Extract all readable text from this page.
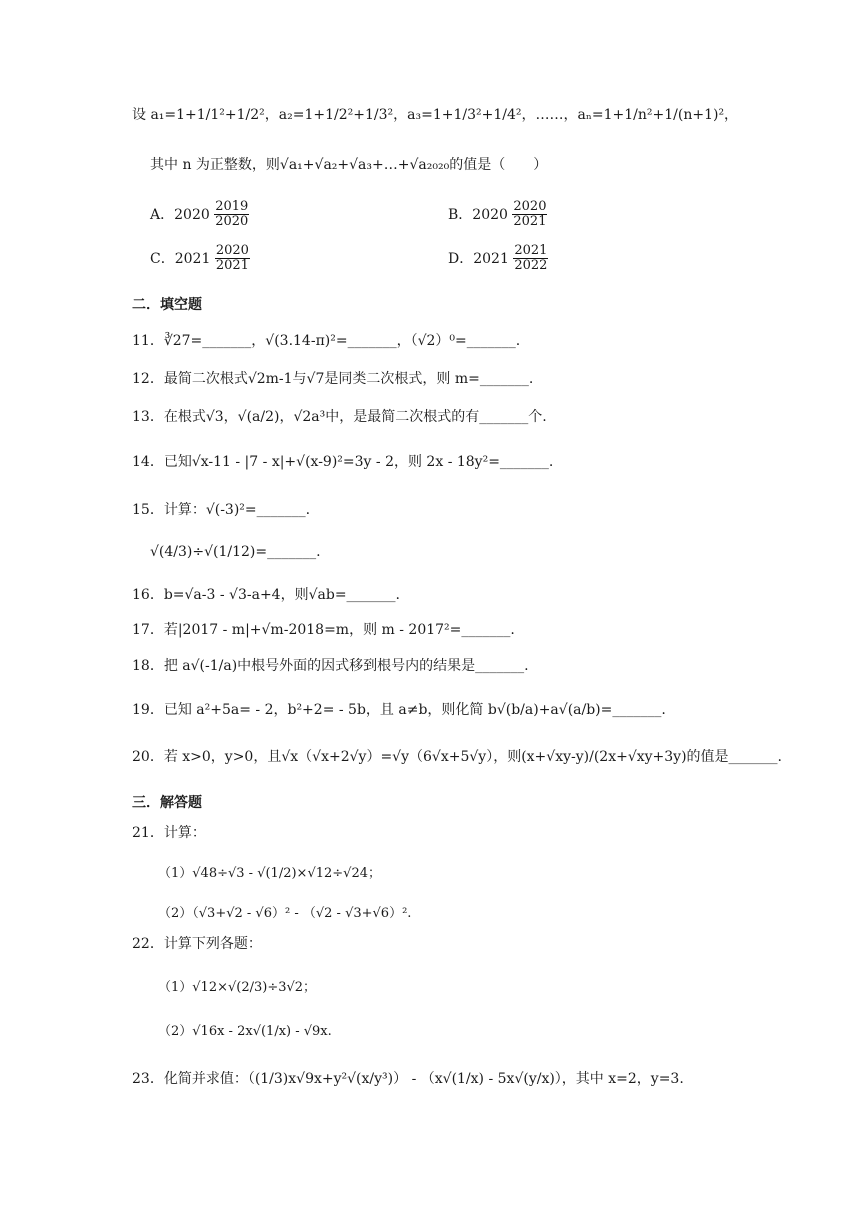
设 a₁=1+1/1²+1/2²，a₂=1+1/2²+1/3²，a₃=1+1/3²+1/4²，……，aₙ=1+1/n²+1/(n+1)²，
其中 n 为正整数，则√a₁+√a₂+√a₃+…+√a₂₀₂₀的值是（　　）
A．$2020 \frac{2019}{2020}$	B．$2020 \frac{2020}{2021}$
C．$2021 \frac{2020}{2021}$	D．$2021 \frac{2021}{2022}$
二．填空题
11．∛27=_______，√(3.14-π)²=_______，（√2）⁰=_______.
12．最简二次根式√2m-1与√7是同类二次根式，则 m=_______.
13．在根式√3，√(a/2)，√2a³中，是最简二次根式的有_______个.
14．已知√x-11 - |7 - x|+√(x-9)²=3y - 2，则 2x - 18y²=_______.
15．计算：√(-3)²=_______.
√(4/3)÷√(1/12)=_______.
16．b=√a-3 - √3-a+4，则√ab=_______.
17．若|2017 - m|+√m-2018=m，则 m - 2017²=_______.
18．把 a√(-1/a)中根号外面的因式移到根号内的结果是_______.
19．已知 a²+5a= - 2，b²+2= - 5b，且 a≠b，则化简 b√(b/a)+a√(a/b)=_______.
20．若 x>0，y>0，且√x（√x+2√y）=√y（6√x+5√y），则(x+√xy-y)/(2x+√xy+3y)的值是_______.
三．解答题
21．计算：
（1）√48÷√3 - √(1/2)×√12÷√24；
（2）（√3+√2 - √6）² - （√2 - √3+√6）².
22．计算下列各题：
（1）√12×√(2/3)÷3√2；
（2）√16x - 2x√(1/x) - √9x.
23．化简并求值：（(1/3)x√9x+y²√(x/y³)） - （x√(1/x) - 5x√(y/x)），其中 x=2，y=3.
